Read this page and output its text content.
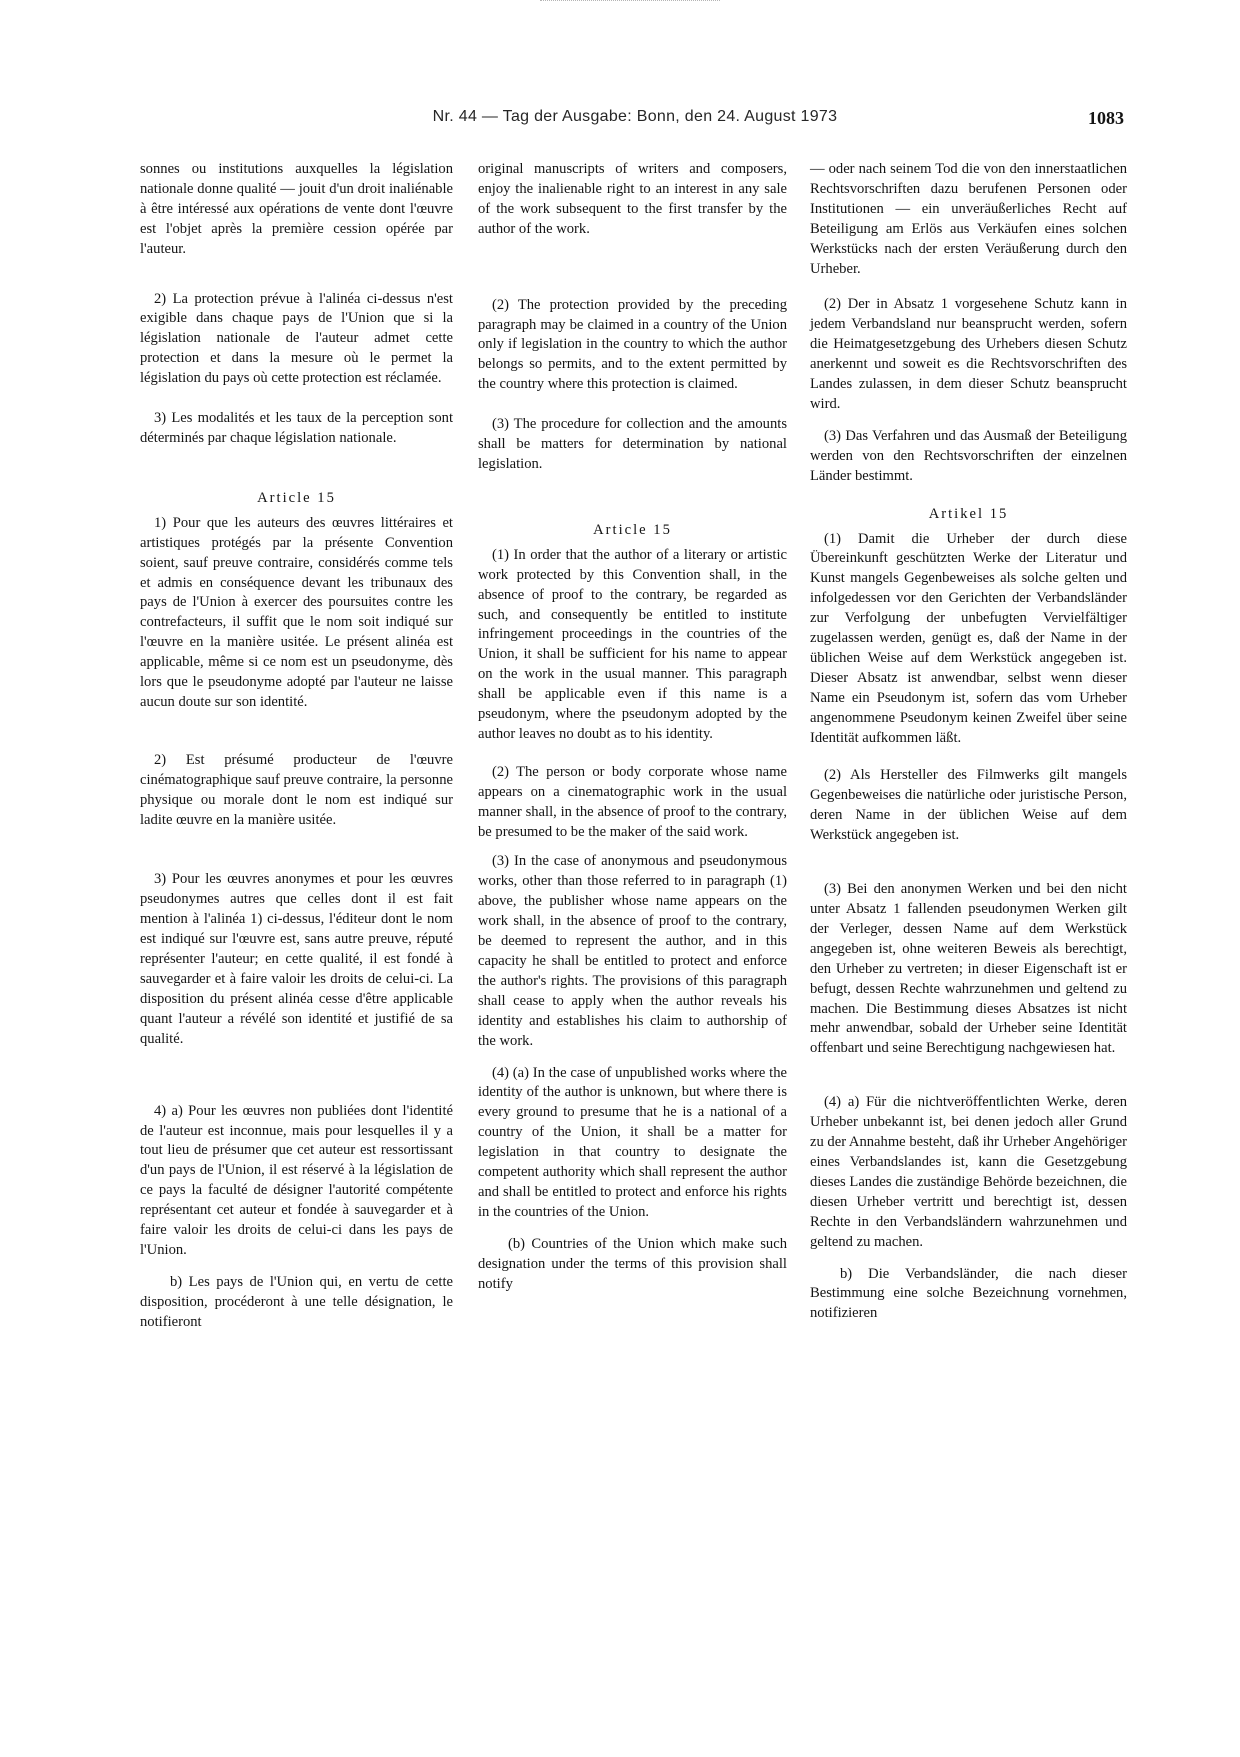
Nr. 44 — Tag der Ausgabe: Bonn, den 24. August 1973	1083

sonnes ou institutions auxquelles la législation nationale donne qualité — jouit d'un droit inaliénable à être intéressé aux opérations de vente dont l'œuvre est l'objet après la première cession opérée par l'auteur.

2) La protection prévue à l'alinéa ci-dessus n'est exigible dans chaque pays de l'Union que si la législation nationale de l'auteur admet cette protection et dans la mesure où le permet la législation du pays où cette protection est réclamée.

3) Les modalités et les taux de la perception sont déterminés par chaque législation nationale.

Article 15

1) Pour que les auteurs des œuvres littéraires et artistiques protégés par la présente Convention soient, sauf preuve contraire, considérés comme tels et admis en conséquence devant les tribunaux des pays de l'Union à exercer des poursuites contre les contrefacteurs, il suffit que le nom soit indiqué sur l'œuvre en la manière usitée. Le présent alinéa est applicable, même si ce nom est un pseudonyme, dès lors que le pseudonyme adopté par l'auteur ne laisse aucun doute sur son identité.

2) Est présumé producteur de l'œuvre cinématographique sauf preuve contraire, la personne physique ou morale dont le nom est indiqué sur ladite œuvre en la manière usitée.

3) Pour les œuvres anonymes et pour les œuvres pseudonymes autres que celles dont il est fait mention à l'alinéa 1) ci-dessus, l'éditeur dont le nom est indiqué sur l'œuvre est, sans autre preuve, réputé représenter l'auteur; en cette qualité, il est fondé à sauvegarder et à faire valoir les droits de celui-ci. La disposition du présent alinéa cesse d'être applicable quant l'auteur a révélé son identité et justifié de sa qualité.

4) a) Pour les œuvres non publiées dont l'identité de l'auteur est inconnue, mais pour lesquelles il y a tout lieu de présumer que cet auteur est ressortissant d'un pays de l'Union, il est réservé à la législation de ce pays la faculté de désigner l'autorité compétente représentant cet auteur et fondée à sauvegarder et à faire valoir les droits de celui-ci dans les pays de l'Union.

b) Les pays de l'Union qui, en vertu de cette disposition, procéderont à une telle désignation, le notifieront

original manuscripts of writers and composers, enjoy the inalienable right to an interest in any sale of the work subsequent to the first transfer by the author of the work.

(2) The protection provided by the preceding paragraph may be claimed in a country of the Union only if legislation in the country to which the author belongs so permits, and to the extent permitted by the country where this protection is claimed.

(3) The procedure for collection and the amounts shall be matters for determination by national legislation.

Article 15

(1) In order that the author of a literary or artistic work protected by this Convention shall, in the absence of proof to the contrary, be regarded as such, and consequently be entitled to institute infringement proceedings in the countries of the Union, it shall be sufficient for his name to appear on the work in the usual manner. This paragraph shall be applicable even if this name is a pseudonym, where the pseudonym adopted by the author leaves no doubt as to his identity.

(2) The person or body corporate whose name appears on a cinematographic work in the usual manner shall, in the absence of proof to the contrary, be presumed to be the maker of the said work.

(3) In the case of anonymous and pseudonymous works, other than those referred to in paragraph (1) above, the publisher whose name appears on the work shall, in the absence of proof to the contrary, be deemed to represent the author, and in this capacity he shall be entitled to protect and enforce the author's rights. The provisions of this paragraph shall cease to apply when the author reveals his identity and establishes his claim to authorship of the work.

(4) (a) In the case of unpublished works where the identity of the author is unknown, but where there is every ground to presume that he is a national of a country of the Union, it shall be a matter for legislation in that country to designate the competent authority which shall represent the author and shall be entitled to protect and enforce his rights in the countries of the Union.

(b) Countries of the Union which make such designation under the terms of this provision shall notify

— oder nach seinem Tod die von den innerstaatlichen Rechtsvorschriften dazu berufenen Personen oder Institutionen — ein unveräußerliches Recht auf Beteiligung am Erlös aus Verkäufen eines solchen Werkstücks nach der ersten Veräußerung durch den Urheber.

(2) Der in Absatz 1 vorgesehene Schutz kann in jedem Verbandsland nur beansprucht werden, sofern die Heimatgesetzgebung des Urhebers diesen Schutz anerkennt und soweit es die Rechtsvorschriften des Landes zulassen, in dem dieser Schutz beansprucht wird.

(3) Das Verfahren und das Ausmaß der Beteiligung werden von den Rechtsvorschriften der einzelnen Länder bestimmt.

Artikel 15

(1) Damit die Urheber der durch diese Übereinkunft geschützten Werke der Literatur und Kunst mangels Gegenbeweises als solche gelten und infolgedessen vor den Gerichten der Verbandsländer zur Verfolgung der unbefugten Vervielfältiger zugelassen werden, genügt es, daß der Name in der üblichen Weise auf dem Werkstück angegeben ist. Dieser Absatz ist anwendbar, selbst wenn dieser Name ein Pseudonym ist, sofern das vom Urheber angenommene Pseudonym keinen Zweifel über seine Identität aufkommen läßt.

(2) Als Hersteller des Filmwerks gilt mangels Gegenbeweises die natürliche oder juristische Person, deren Name in der üblichen Weise auf dem Werkstück angegeben ist.

(3) Bei den anonymen Werken und bei den nicht unter Absatz 1 fallenden pseudonymen Werken gilt der Verleger, dessen Name auf dem Werkstück angegeben ist, ohne weiteren Beweis als berechtigt, den Urheber zu vertreten; in dieser Eigenschaft ist er befugt, dessen Rechte wahrzunehmen und geltend zu machen. Die Bestimmung dieses Absatzes ist nicht mehr anwendbar, sobald der Urheber seine Identität offenbart und seine Berechtigung nachgewiesen hat.

(4) a) Für die nichtveröffentlichten Werke, deren Urheber unbekannt ist, bei denen jedoch aller Grund zu der Annahme besteht, daß ihr Urheber Angehöriger eines Verbandslandes ist, kann die Gesetzgebung dieses Landes die zuständige Behörde bezeichnen, die diesen Urheber vertritt und berechtigt ist, dessen Rechte in den Verbandsländern wahrzunehmen und geltend zu machen.

b) Die Verbandsländer, die nach dieser Bestimmung eine solche Bezeichnung vornehmen, notifizieren
